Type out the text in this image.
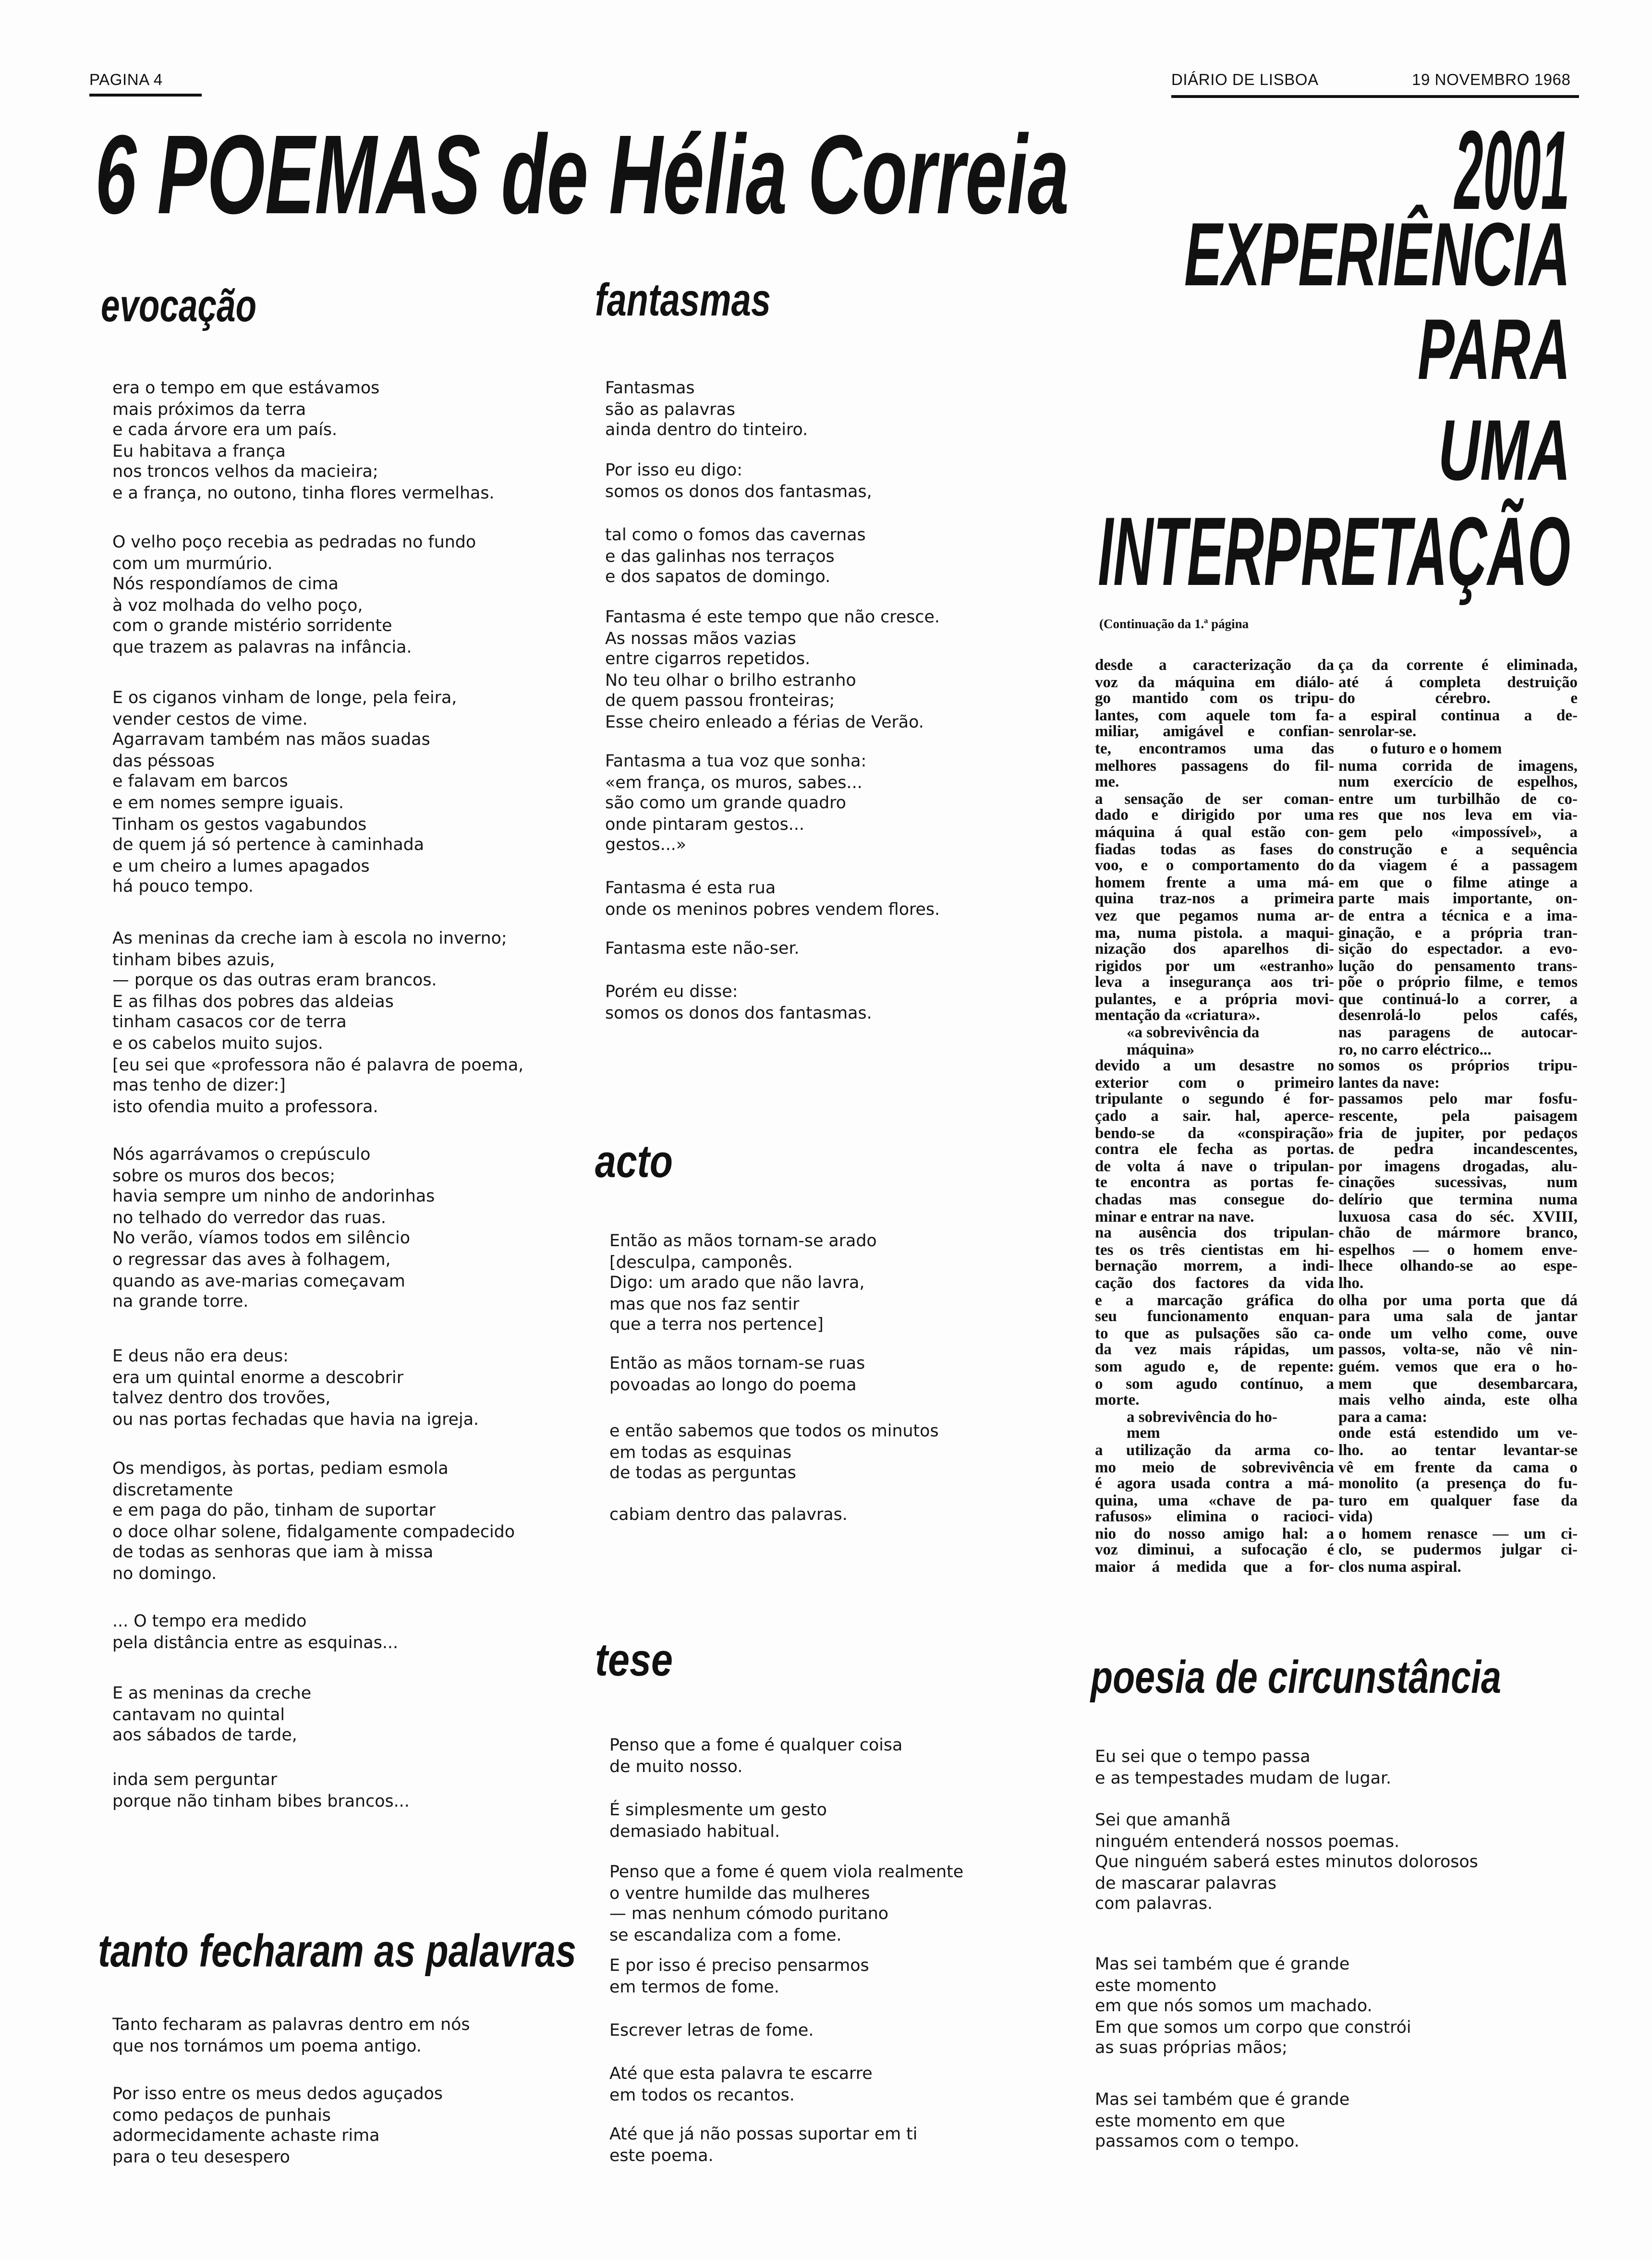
PAGINA 4	DIÁRIO DE LISBOA	19 NOVEMBRO 1968
6 POEMAS de Hélia Correia	2001
EXPERIÊNCIA
PARA
UMA
INTERPRETAÇÃO
(Continuação da 1.ª página
desde a caracterização da
voz da máquina em diálo-
go mantido com os tripu-
lantes, com aquele tom fa-
miliar, amigável e confian-
te, encontramos uma das
melhores passagens do fil-
me.
a sensação de ser coman-
dado e dirigido por uma
máquina á qual estão con-
fiadas todas as fases do
voo, e o comportamento do
homem frente a uma má-
quina traz-nos a primeira
vez que pegamos numa ar-
ma, numa pistola. a maqui-
nização dos aparelhos di-
rigidos por um «estranho»
leva a insegurança aos tri-
pulantes, e a própria movi-
mentação da «criatura».
«a sobrevivência da
máquina»
devido a um desastre no
exterior com o primeiro
tripulante o segundo é for-
çado a sair. hal, aperce-
bendo-se da «conspiração»
contra ele fecha as portas.
de volta á nave o tripulan-
te encontra as portas fe-
chadas mas consegue do-
minar e entrar na nave.
na ausência dos tripulan-
tes os três cientistas em hi-
bernação morrem, a indi-
cação dos factores da vida
e a marcação gráfica do
seu funcionamento enquan-
to que as pulsações são ca-
da vez mais rápidas, um
som agudo e, de repente:
o som agudo contínuo, a
morte.
a sobrevivência do ho-
mem
a utilização da arma co-
mo meio de sobrevivência
é agora usada contra a má-
quina, uma «chave de pa-
rafusos» elimina o racioci-
nio do nosso amigo hal: a
voz diminui, a sufocação é
maior á medida que a for-
ça da corrente é eliminada,
até á completa destruição
do cérebro. e
a espiral continua a de-
senrolar-se.
o futuro e o homem
numa corrida de imagens,
num exercício de espelhos,
entre um turbilhão de co-
res que nos leva em via-
gem pelo «impossível», a
construção e a sequência
da viagem é a passagem
em que o filme atinge a
parte mais importante, on-
de entra a técnica e a ima-
ginação, e a própria tran-
sição do espectador. a evo-
lução do pensamento trans-
põe o próprio filme, e temos
que continuá-lo a correr, a
desenrolá-lo pelos cafés,
nas paragens de autocar-
ro, no carro eléctrico...
somos os próprios tripu-
lantes da nave:
passamos pelo mar fosfu-
rescente, pela paisagem
fria de jupiter, por pedaços
de pedra incandescentes,
por imagens drogadas, alu-
cinações sucessivas, num
delírio que termina numa
luxuosa casa do séc. XVIII,
chão de mármore branco,
espelhos — o homem enve-
lhece olhando-se ao espe-
lho.
olha por uma porta que dá
para uma sala de jantar
onde um velho come, ouve
passos, volta-se, não vê nin-
guém. vemos que era o ho-
mem que desembarcara,
mais velho ainda, este olha
para a cama:
onde está estendido um ve-
lho. ao tentar levantar-se
vê em frente da cama o
monolito (a presença do fu-
turo em qualquer fase da
vida)
o homem renasce — um ci-
clo, se pudermos julgar ci-
clos numa aspiral.
evocação
era o tempo em que estávamos
mais próximos da terra
e cada árvore era um país.
Eu habitava a frança
nos troncos velhos da macieira;
e a frança, no outono, tinha flores vermelhas.
O velho poço recebia as pedradas no fundo
com um murmúrio.
Nós respondíamos de cima
à voz molhada do velho poço,
com o grande mistério sorridente
que trazem as palavras na infância.
E os ciganos vinham de longe, pela feira,
vender cestos de vime.
Agarravam também nas mãos suadas
das péssoas
e falavam em barcos
e em nomes sempre iguais.
Tinham os gestos vagabundos
de quem já só pertence à caminhada
e um cheiro a lumes apagados
há pouco tempo.
As meninas da creche iam à escola no inverno;
tinham bibes azuis,
— porque os das outras eram brancos.
E as filhas dos pobres das aldeias
tinham casacos cor de terra
e os cabelos muito sujos.
[eu sei que «professora não é palavra de poema,
mas tenho de dizer:]
isto ofendia muito a professora.
Nós agarrávamos o crepúsculo
sobre os muros dos becos;
havia sempre um ninho de andorinhas
no telhado do verredor das ruas.
No verão, víamos todos em silêncio
o regressar das aves à folhagem,
quando as ave-marias começavam
na grande torre.
E deus não era deus:
era um quintal enorme a descobrir
talvez dentro dos trovões,
ou nas portas fechadas que havia na igreja.
Os mendigos, às portas, pediam esmola
discretamente
e em paga do pão, tinham de suportar
o doce olhar solene, fidalgamente compadecido
de todas as senhoras que iam à missa
no domingo.
... O tempo era medido
pela distância entre as esquinas...
E as meninas da creche
cantavam no quintal
aos sábados de tarde,
inda sem perguntar
porque não tinham bibes brancos...
fantasmas
Fantasmas
são as palavras
ainda dentro do tinteiro.
Por isso eu digo:
somos os donos dos fantasmas,
tal como o fomos das cavernas
e das galinhas nos terraços
e dos sapatos de domingo.
Fantasma é este tempo que não cresce.
As nossas mãos vazias
entre cigarros repetidos.
No teu olhar o brilho estranho
de quem passou fronteiras;
Esse cheiro enleado a férias de Verão.
Fantasma a tua voz que sonha:
«em frança, os muros, sabes...
são como um grande quadro
onde pintaram gestos...
gestos...»
Fantasma é esta rua
onde os meninos pobres vendem flores.
Fantasma este não-ser.
Porém eu disse:
somos os donos dos fantasmas.
acto
Então as mãos tornam-se arado
[desculpa, camponês.
Digo: um arado que não lavra,
mas que nos faz sentir
que a terra nos pertence]
Então as mãos tornam-se ruas
povoadas ao longo do poema
e então sabemos que todos os minutos
em todas as esquinas
de todas as perguntas
cabiam dentro das palavras.
tese
Penso que a fome é qualquer coisa
de muito nosso.
É simplesmente um gesto
demasiado habitual.
Penso que a fome é quem viola realmente
o ventre humilde das mulheres
— mas nenhum cómodo puritano
se escandaliza com a fome.
E por isso é preciso pensarmos
em termos de fome.
Escrever letras de fome.
Até que esta palavra te escarre
em todos os recantos.
Até que já não possas suportar em ti
este poema.
tanto fecharam as palavras
Tanto fecharam as palavras dentro em nós
que nos tornámos um poema antigo.
Por isso entre os meus dedos aguçados
como pedaços de punhais
adormecidamente achaste rima
para o teu desespero
poesia de circunstância
Eu sei que o tempo passa
e as tempestades mudam de lugar.
Sei que amanhã
ninguém entenderá nossos poemas.
Que ninguém saberá estes minutos dolorosos
de mascarar palavras
com palavras.
Mas sei também que é grande
este momento
em que nós somos um machado.
Em que somos um corpo que constrói
as suas próprias mãos;
Mas sei também que é grande
este momento em que
passamos com o tempo.
